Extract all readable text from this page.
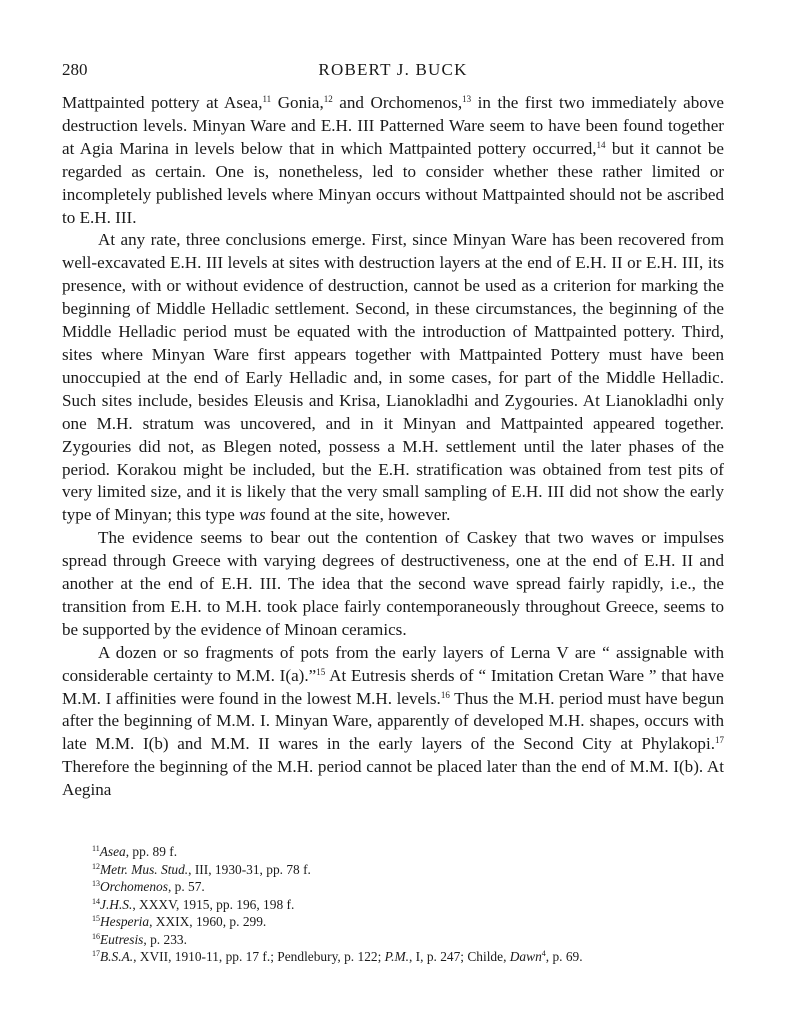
280	ROBERT J. BUCK

Mattpainted pottery at Asea,$^{11}$ Gonia,$^{12}$ and Orchomenos,$^{13}$ in the first two immediately above destruction levels. Minyan Ware and E.H. III Patterned Ware seem to have been found together at Agia Marina in levels below that in which Mattpainted pottery occurred,$^{14}$ but it cannot be regarded as certain. One is, nonetheless, led to consider whether these rather limited or incompletely published levels where Minyan occurs without Mattpainted should not be ascribed to E.H. III.

At any rate, three conclusions emerge. First, since Minyan Ware has been recovered from well-excavated E.H. III levels at sites with destruction layers at the end of E.H. II or E.H. III, its presence, with or without evidence of destruction, cannot be used as a criterion for marking the beginning of Middle Helladic settlement. Second, in these circumstances, the beginning of the Middle Helladic period must be equated with the introduction of Mattpainted pottery. Third, sites where Minyan Ware first appears together with Mattpainted Pottery must have been unoccupied at the end of Early Helladic and, in some cases, for part of the Middle Helladic. Such sites include, besides Eleusis and Krisa, Lianokladhi and Zygouries. At Lianokladhi only one M.H. stratum was uncovered, and in it Minyan and Mattpainted appeared together. Zygouries did not, as Blegen noted, possess a M.H. settlement until the later phases of the period. Korakou might be included, but the E.H. stratification was obtained from test pits of very limited size, and it is likely that the very small sampling of E.H. III did not show the early type of Minyan; this type was found at the site, however.

The evidence seems to bear out the contention of Caskey that two waves or impulses spread through Greece with varying degrees of destructiveness, one at the end of E.H. II and another at the end of E.H. III. The idea that the second wave spread fairly rapidly, i.e., the transition from E.H. to M.H. took place fairly contemporaneously throughout Greece, seems to be supported by the evidence of Minoan ceramics.

A dozen or so fragments of pots from the early layers of Lerna V are “ assignable with considerable certainty to M.M. I(a).”$^{15}$ At Eutresis sherds of “ Imitation Cretan Ware ” that have M.M. I affinities were found in the lowest M.H. levels.$^{16}$ Thus the M.H. period must have begun after the beginning of M.M. I. Minyan Ware, apparently of developed M.H. shapes, occurs with late M.M. I(b) and M.M. II wares in the early layers of the Second City at Phylakopi.$^{17}$ Therefore the beginning of the M.H. period cannot be placed later than the end of M.M. I(b). At Aegina

$^{11}$Asea, pp. 89 f.
$^{12}$Metr. Mus. Stud., III, 1930-31, pp. 78 f.
$^{13}$Orchomenos, p. 57.
$^{14}$J.H.S., XXXV, 1915, pp. 196, 198 f.
$^{15}$Hesperia, XXIX, 1960, p. 299.
$^{16}$Eutresis, p. 233.
$^{17}$B.S.A., XVII, 1910-11, pp. 17 f.; Pendlebury, p. 122; P.M., I, p. 247; Childe, Dawn$^4$, p. 69.
